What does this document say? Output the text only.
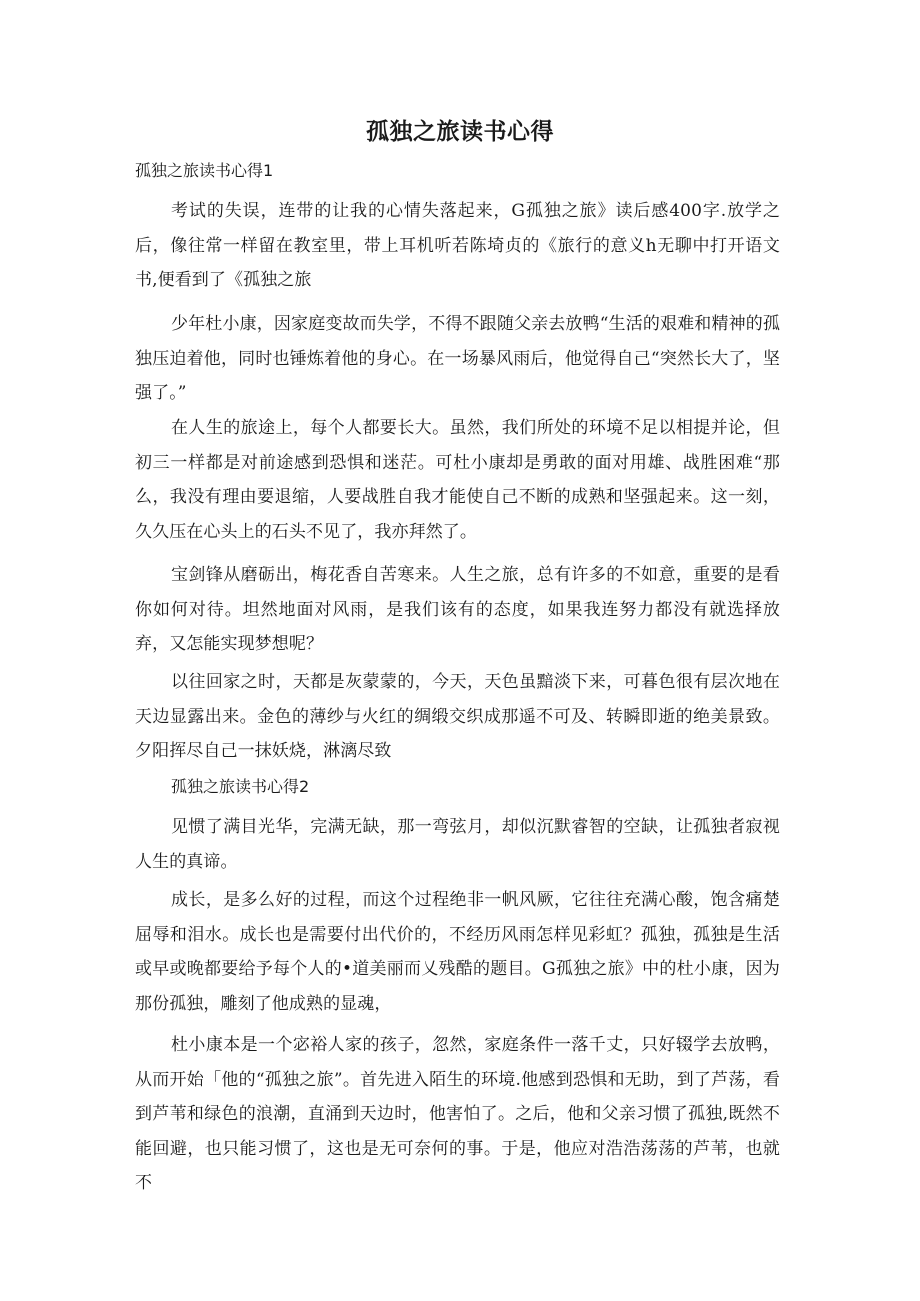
孤独之旅读书心得

孤独之旅读书心得1

考试的失误，连带的让我的心情失落起来，G孤独之旅》读后感400字.放学之后，像往常一样留在教室里，带上耳机听若陈埼贞的《旅行的意义h无聊中打开语文书,便看到了《孤独之旅

少年杜小康，因家庭变故而失学，不得不跟随父亲去放鸭“生活的艰难和精神的孤独压迫着他，同时也锤炼着他的身心。在一场暴风雨后，他觉得自己“突然长大了，坚强了。”

在人生的旅途上，每个人都要长大。虽然，我们所处的环境不足以相提并论，但初三一样都是对前途感到恐惧和迷茫。可杜小康却是勇敢的面对用雄、战胜困难“那么，我没有理由要退缩，人要战胜自我才能使自己不断的成熟和坚强起来。这一刻，久久压在心头上的石头不见了，我亦拜然了。

宝剑锋从磨砺出，梅花香自苦寒来。人生之旅，总有许多的不如意，重要的是看你如何对待。坦然地面对风雨，是我们该有的态度，如果我连努力都没有就选择放弃，又怎能实现梦想呢？

以往回家之时，天都是灰蒙蒙的，今天，天色虽黯淡下来，可暮色很有层次地在天边显露出来。金色的薄纱与火红的绸缎交织成那遥不可及、转瞬即逝的绝美景致。夕阳挥尽自己一抹妖烧，淋漓尽致

孤独之旅读书心得2

见惯了满目光华，完满无缺，那一弯弦月，却似沉默睿智的空缺，让孤独者寂视人生的真谛。

成长，是多么好的过程，而这个过程绝非一帆风厥，它往往充满心酸，饱含痛楚屈辱和泪水。成长也是需要付出代价的，不经历风雨怎样见彩虹？孤独，孤独是生活或早或晚都要给予每个人的•道美丽而乂残酷的题目。G孤独之旅》中的杜小康，因为那份孤独，雕刻了他成熟的显魂，

杜小康本是一个宓裕人家的孩子，忽然，家庭条件一落千丈，只好辍学去放鸭，从而开始「他的“孤独之旅”。首先进入陌生的环境.他感到恐惧和无助，到了芦荡，看到芦苇和绿色的浪潮，直涌到天边时，他害怕了。之后，他和父亲习惯了孤独,既然不能回避，也只能习惯了，这也是无可奈何的事。于是，他应对浩浩荡荡的芦苇，也就不
